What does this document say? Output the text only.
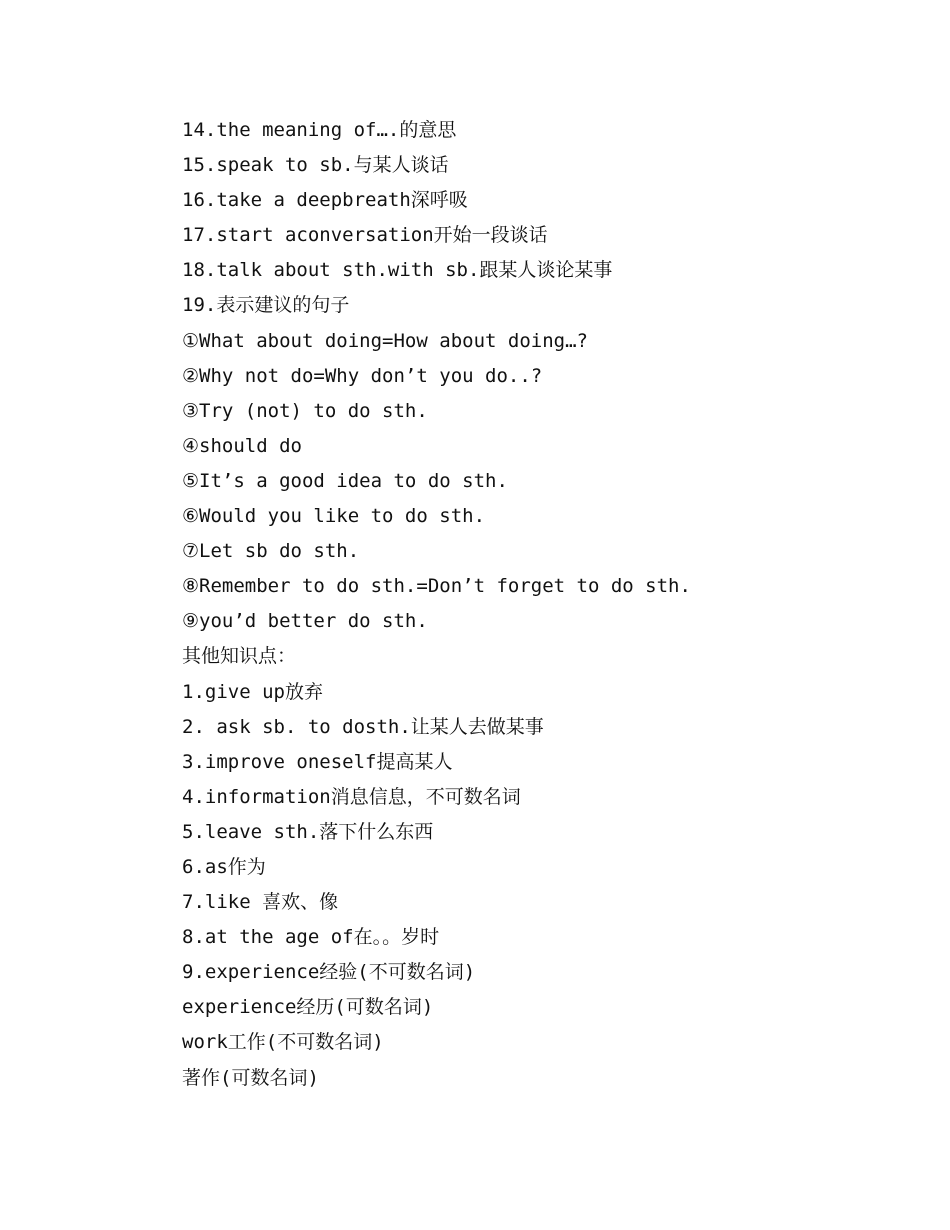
14.the meaning of….的意思
15.speak to sb.与某人谈话
16.take a deepbreath深呼吸
17.start aconversation开始一段谈话
18.talk about sth.with sb.跟某人谈论某事
19.表示建议的句子
①What about doing=How about doing…?
②Why not do=Why don’t you do..?
③Try (not) to do sth.
④should do
⑤It’s a good idea to do sth.
⑥Would you like to do sth.
⑦Let sb do sth.
⑧Remember to do sth.=Don’t forget to do sth.
⑨you’d better do sth.
其他知识点：
1.give up放弃
2. ask sb. to dosth.让某人去做某事
3.improve oneself提高某人
4.information消息信息，不可数名词
5.leave sth.落下什么东西
6.as作为
7.like 喜欢、像
8.at the age of在。。岁时
9.experience经验(不可数名词)
experience经历(可数名词)
work工作(不可数名词)
著作(可数名词)
